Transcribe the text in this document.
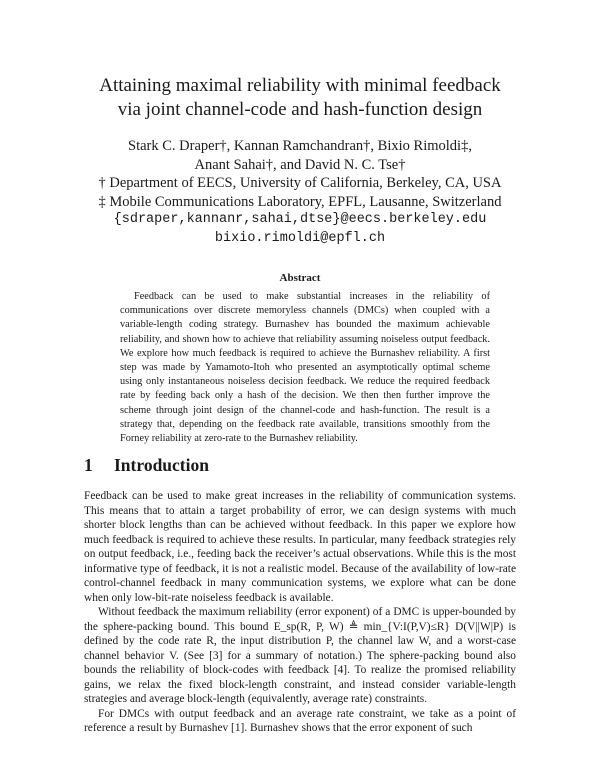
Attaining maximal reliability with minimal feedback
via joint channel-code and hash-function design
Stark C. Draper†, Kannan Ramchandran†, Bixio Rimoldi‡,
Anant Sahai†, and David N. C. Tse†
† Department of EECS, University of California, Berkeley, CA, USA
‡ Mobile Communications Laboratory, EPFL, Lausanne, Switzerland
{sdraper,kannanr,sahai,dtse}@eecs.berkeley.edu
bixio.rimoldi@epfl.ch
Abstract

Feedback can be used to make substantial increases in the reliability of communications over discrete memoryless channels (DMCs) when coupled with a variable-length coding strategy. Burnashev has bounded the maximum achievable reliability, and shown how to achieve that reliability assuming noiseless output feedback. We explore how much feedback is required to achieve the Burnashev reliability. A first step was made by Yamamoto-Itoh who presented an asymptotically optimal scheme using only instantaneous noiseless decision feedback. We reduce the required feedback rate by feeding back only a hash of the decision. We then then further improve the scheme through joint design of the channel-code and hash-function. The result is a strategy that, depending on the feedback rate available, transitions smoothly from the Forney reliability at zero-rate to the Burnashev reliability.

1 Introduction

Feedback can be used to make great increases in the reliability of communication systems. This means that to attain a target probability of error, we can design systems with much shorter block lengths than can be achieved without feedback. In this paper we explore how much feedback is required to achieve these results. In particular, many feedback strategies rely on output feedback, i.e., feeding back the receiver’s actual observations. While this is the most informative type of feedback, it is not a realistic model. Because of the availability of low-rate control-channel feedback in many communication systems, we explore what can be done when only low-bit-rate noiseless feedback is available.

Without feedback the maximum reliability (error exponent) of a DMC is upper-bounded by the sphere-packing bound. This bound E_sp(R, P, W) ≜ min_{V:I(P,V)≤R} D(V||W|P) is defined by the code rate R, the input distribution P, the channel law W, and a worst-case channel behavior V. (See [3] for a summary of notation.) The sphere-packing bound also bounds the reliability of block-codes with feedback [4]. To realize the promised reliability gains, we relax the fixed block-length constraint, and instead consider variable-length strategies and average block-length (equivalently, average rate) constraints.

For DMCs with output feedback and an average rate constraint, we take as a point of reference a result by Burnashev [1]. Burnashev shows that the error exponent of such
